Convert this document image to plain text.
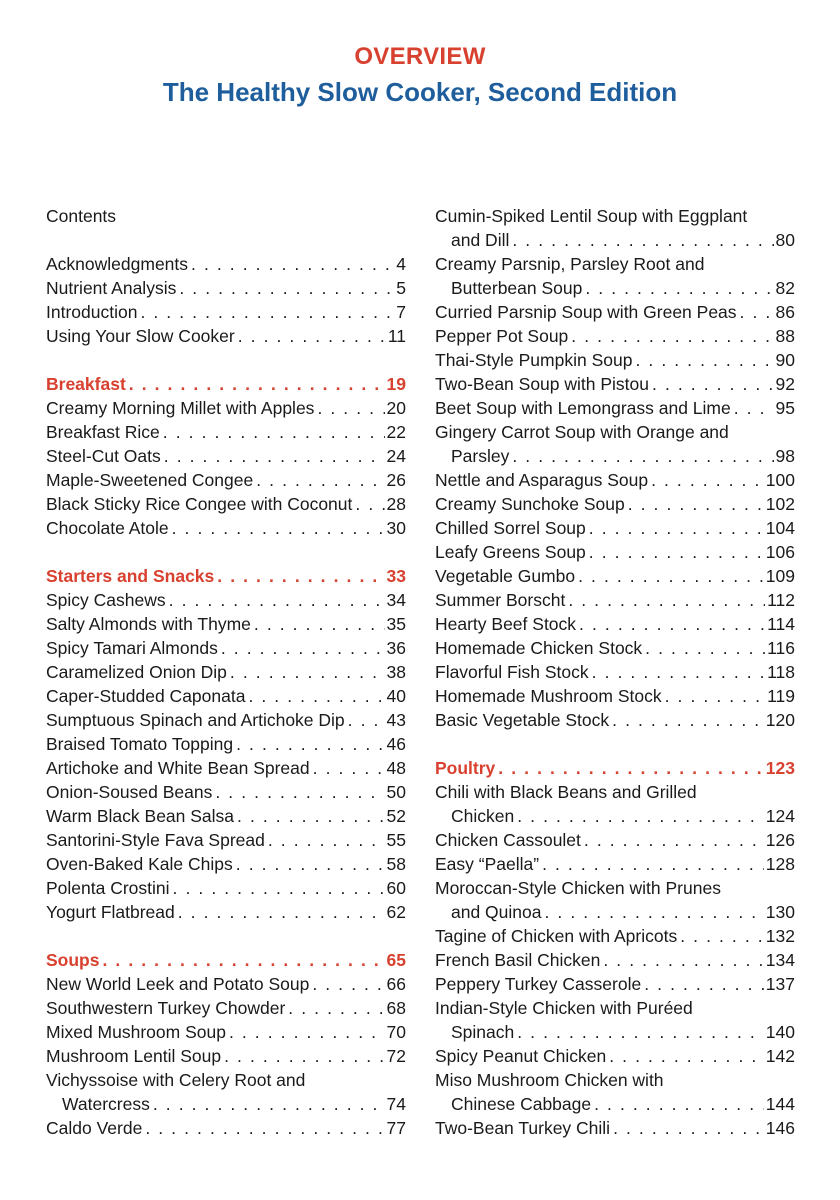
OVERVIEW
The Healthy Slow Cooker, Second Edition
Contents
Acknowledgments . . .	4
Nutrient Analysis . . .	5
Introduction . . .	7
Using Your Slow Cooker . . .	11
Breakfast . . .	19
Creamy Morning Millet with Apples . . .	20
Breakfast Rice . . .	22
Steel-Cut Oats . . .	24
Maple-Sweetened Congee . . .	26
Black Sticky Rice Congee with Coconut . . . 28
Chocolate Atole . . .	30
Starters and Snacks . . .	33
Spicy Cashews . . .	34
Salty Almonds with Thyme . . .	35
Spicy Tamari Almonds . . .	36
Caramelized Onion Dip . . .	38
Caper-Studded Caponata . . .	40
Sumptuous Spinach and Artichoke Dip . . . 43
Braised Tomato Topping . . .	46
Artichoke and White Bean Spread . . .	48
Onion-Soused Beans . . .	50
Warm Black Bean Salsa . . .	52
Santorini-Style Fava Spread . . .	55
Oven-Baked Kale Chips . . .	58
Polenta Crostini . . .	60
Yogurt Flatbread . . .	62
Soups . . .	65
New World Leek and Potato Soup . . .	66
Southwestern Turkey Chowder . . .	68
Mixed Mushroom Soup . . .	70
Mushroom Lentil Soup . . .	72
Vichyssoise with Celery Root and
Watercress . . .	74
Caldo Verde . . .	77
Cumin-Spiked Lentil Soup with Eggplant
and Dill . . .	80
Creamy Parsnip, Parsley Root and
Butterbean Soup . . .	82
Curried Parsnip Soup with Green Peas . . . 86
Pepper Pot Soup . . .	88
Thai-Style Pumpkin Soup . . .	90
Two-Bean Soup with Pistou . . .	92
Beet Soup with Lemongrass and Lime . . .	95
Gingery Carrot Soup with Orange and
Parsley . . .	98
Nettle and Asparagus Soup . . .	100
Creamy Sunchoke Soup . . .	102
Chilled Sorrel Soup . . .	104
Leafy Greens Soup . . .	106
Vegetable Gumbo . . .	109
Summer Borscht . . .	112
Hearty Beef Stock . . .	114
Homemade Chicken Stock . . .	116
Flavorful Fish Stock . . .	118
Homemade Mushroom Stock . . .	119
Basic Vegetable Stock . . .	120
Poultry . . .	123
Chili with Black Beans and Grilled
Chicken . . .	124
Chicken Cassoulet . . .	126
Easy “Paella” . . .	128
Moroccan-Style Chicken with Prunes
and Quinoa . . .	130
Tagine of Chicken with Apricots . . .	132
French Basil Chicken . . .	134
Peppery Turkey Casserole . . .	137
Indian-Style Chicken with Puréed
Spinach . . .	140
Spicy Peanut Chicken . . .	142
Miso Mushroom Chicken with
Chinese Cabbage . . .	144
Two-Bean Turkey Chili . . .	146
